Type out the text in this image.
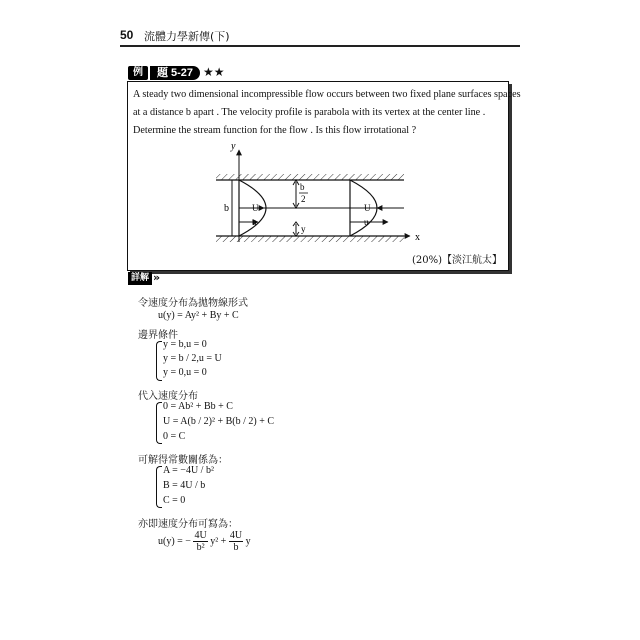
50 流體力學新傳(下)
例	題 5-27 ★★
A steady two dimensional incompressible flow occurs between two fixed plane surfaces spaces
at a distance b apart . The velocity profile is parabola with its vertex at the center line .
Determine the stream function for the flow . Is this flow irrotational ?
y
x
b	U
u
U
u
b
2
y
(20%)【淡江航太】
詳解 »
令速度分布為拋物線形式
u(y) = Ay² + By + C
邊界條件
y = b,u = 0
y = b / 2,u = U
y = 0,u = 0
代入速度分布
0 = Ab² + Bb + C
U = A(b / 2)² + B(b / 2) + C
0 = C
可解得常數關係為：
A = −4U / b²
B = 4U / b
C = 0
亦即速度分布可寫為：
u(y) = − $\frac{4U}{\text{b²}} y^2 + \frac{4U}{b}$ y
